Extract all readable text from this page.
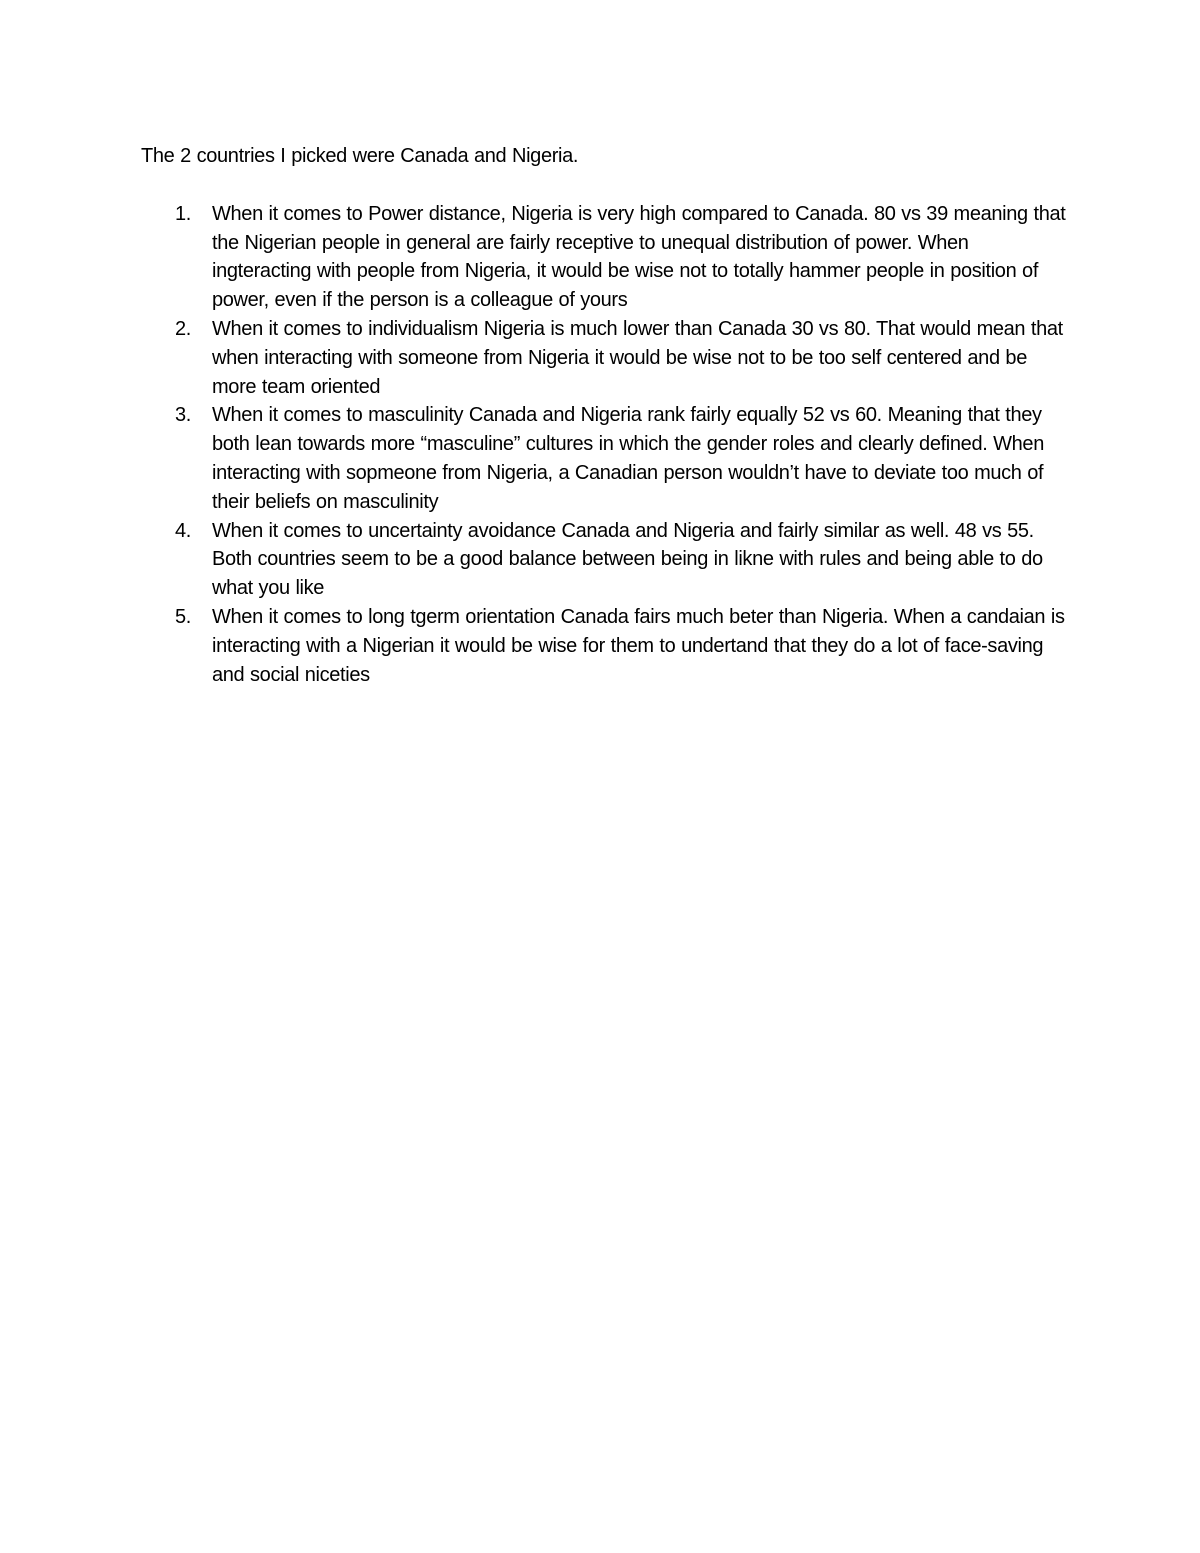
The 2 countries I picked were Canada and Nigeria.

1. When it comes to Power distance, Nigeria is very high compared to Canada. 80 vs 39 meaning that the Nigerian people in general are fairly receptive to unequal distribution of power. When ingteracting with people from Nigeria, it would be wise not to totally hammer people in position of power, even if the person is a colleague of yours
2. When it comes to individualism Nigeria is much lower than Canada 30 vs 80. That would mean that when interacting with someone from Nigeria it would be wise not to be too self centered and be more team oriented
3. When it comes to masculinity Canada and Nigeria rank fairly equally 52 vs 60. Meaning that they both lean towards more “masculine” cultures in which the gender roles and clearly defined. When interacting with sopmeone from Nigeria, a Canadian person wouldn’t have to deviate too much of their beliefs on masculinity
4. When it comes to uncertainty avoidance Canada and Nigeria and fairly similar as well. 48 vs 55. Both countries seem to be a good balance between being in likne with rules and being able to do what you like
5. When it comes to long tgerm orientation Canada fairs much beter than Nigeria. When a candaian is interacting with a Nigerian it would be wise for them to undertand that they do a lot of face-saving and social niceties
